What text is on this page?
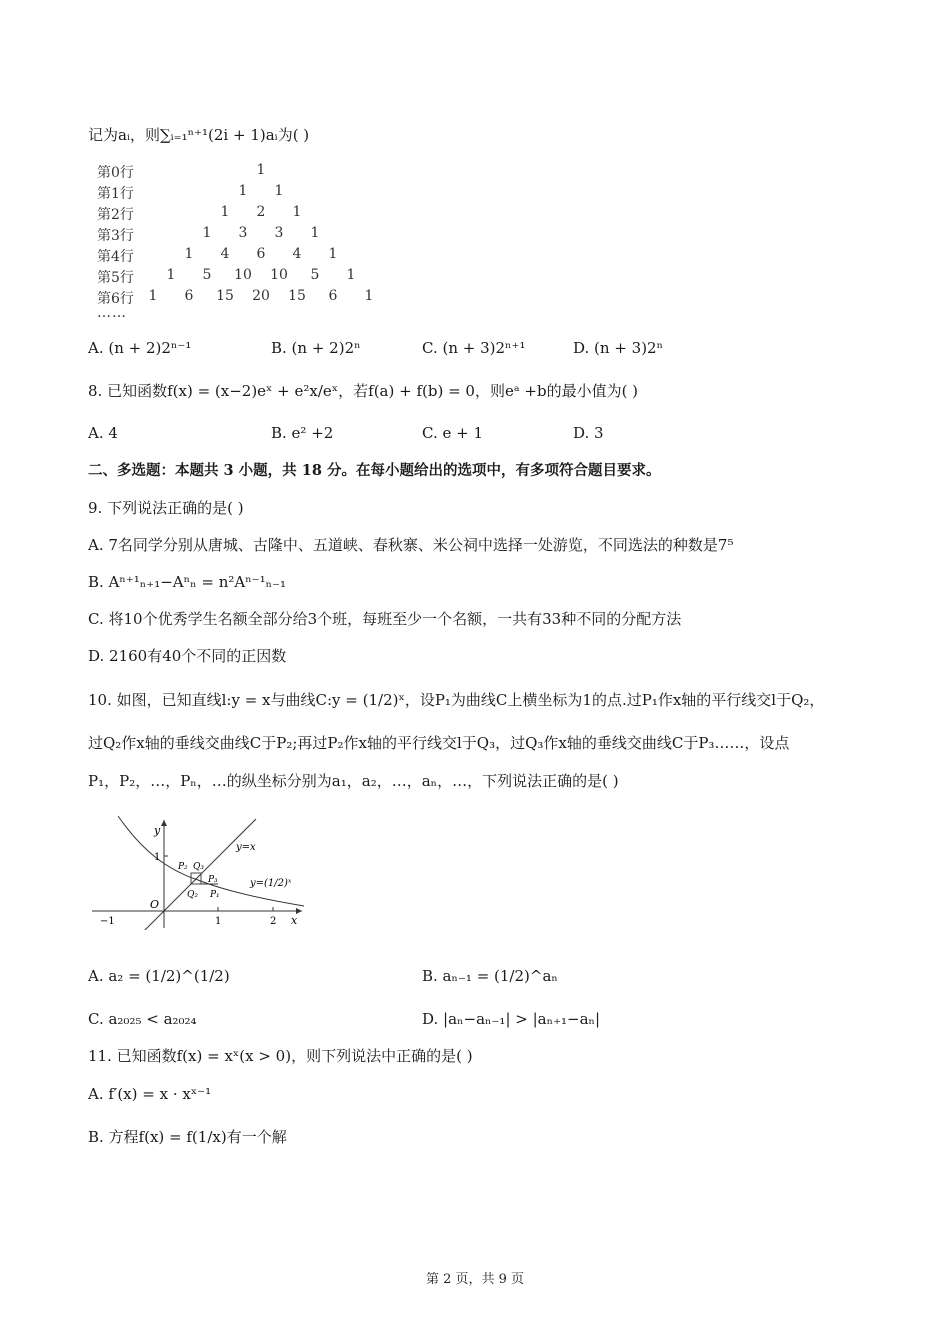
记为aᵢ，则∑ᵢ₌₁ⁿ⁺¹(2i + 1)aᵢ为( )
第0行	1
第1行	1	1
第2行	1	2	1
第3行	1	3	3	1
第4行	1	4	6	4	1
第5行	1	5	10	10	5	1
第6行	1	6	15	20	15	6	1
……
A. (n + 2)2ⁿ⁻¹	B. (n + 2)2ⁿ	C. (n + 3)2ⁿ⁺¹	D. (n + 3)2ⁿ
8. 已知函数f(x) = (x−2)eˣ + e²x/eˣ，若f(a) + f(b) = 0，则eᵃ +b的最小值为( )
A. 4	B. e² +2	C. e + 1	D. 3
二、多选题：本题共 3 小题，共 18 分。在每小题给出的选项中，有多项符合题目要求。
9. 下列说法正确的是( )
A. 7名同学分别从唐城、古隆中、五道峡、春秋寨、米公祠中选择一处游览，不同选法的种数是7⁵
B. Aⁿ⁺¹ₙ₊₁−Aⁿₙ = n²Aⁿ⁻¹ₙ₋₁
C. 将10个优秀学生名额全部分给3个班，每班至少一个名额，一共有33种不同的分配方法
D. 2160有40个不同的正因数
10. 如图，已知直线l:y = x与曲线C:y = (1/2)ˣ，设P₁为曲线C上横坐标为1的点.过P₁作x轴的平行线交l于Q₂，
过Q₂作x轴的垂线交曲线C于P₂;再过P₂作x轴的平行线交l于Q₃，过Q₃作x轴的垂线交曲线C于P₃……，设点
P₁，P₂，…，Pₙ，…的纵坐标分别为a₁，a₂，…，aₙ，…，下列说法正确的是( )
y
x
O
y=x
y=(1/2)ˣ
−1	1	2
1
P₂ Q₃
P₃
Q₂ P₁
A. a₂ = (1/2)^(1/2)	B. aₙ₋₁ = (1/2)^aₙ
C. a₂₀₂₅ < a₂₀₂₄	D. |aₙ−aₙ₋₁| > |aₙ₊₁−aₙ|
11. 已知函数f(x) = xˣ(x > 0)，则下列说法中正确的是( )
A. f′(x) = x · xˣ⁻¹
B. 方程f(x) = f(1/x)有一个解
第 2 页，共 9 页
